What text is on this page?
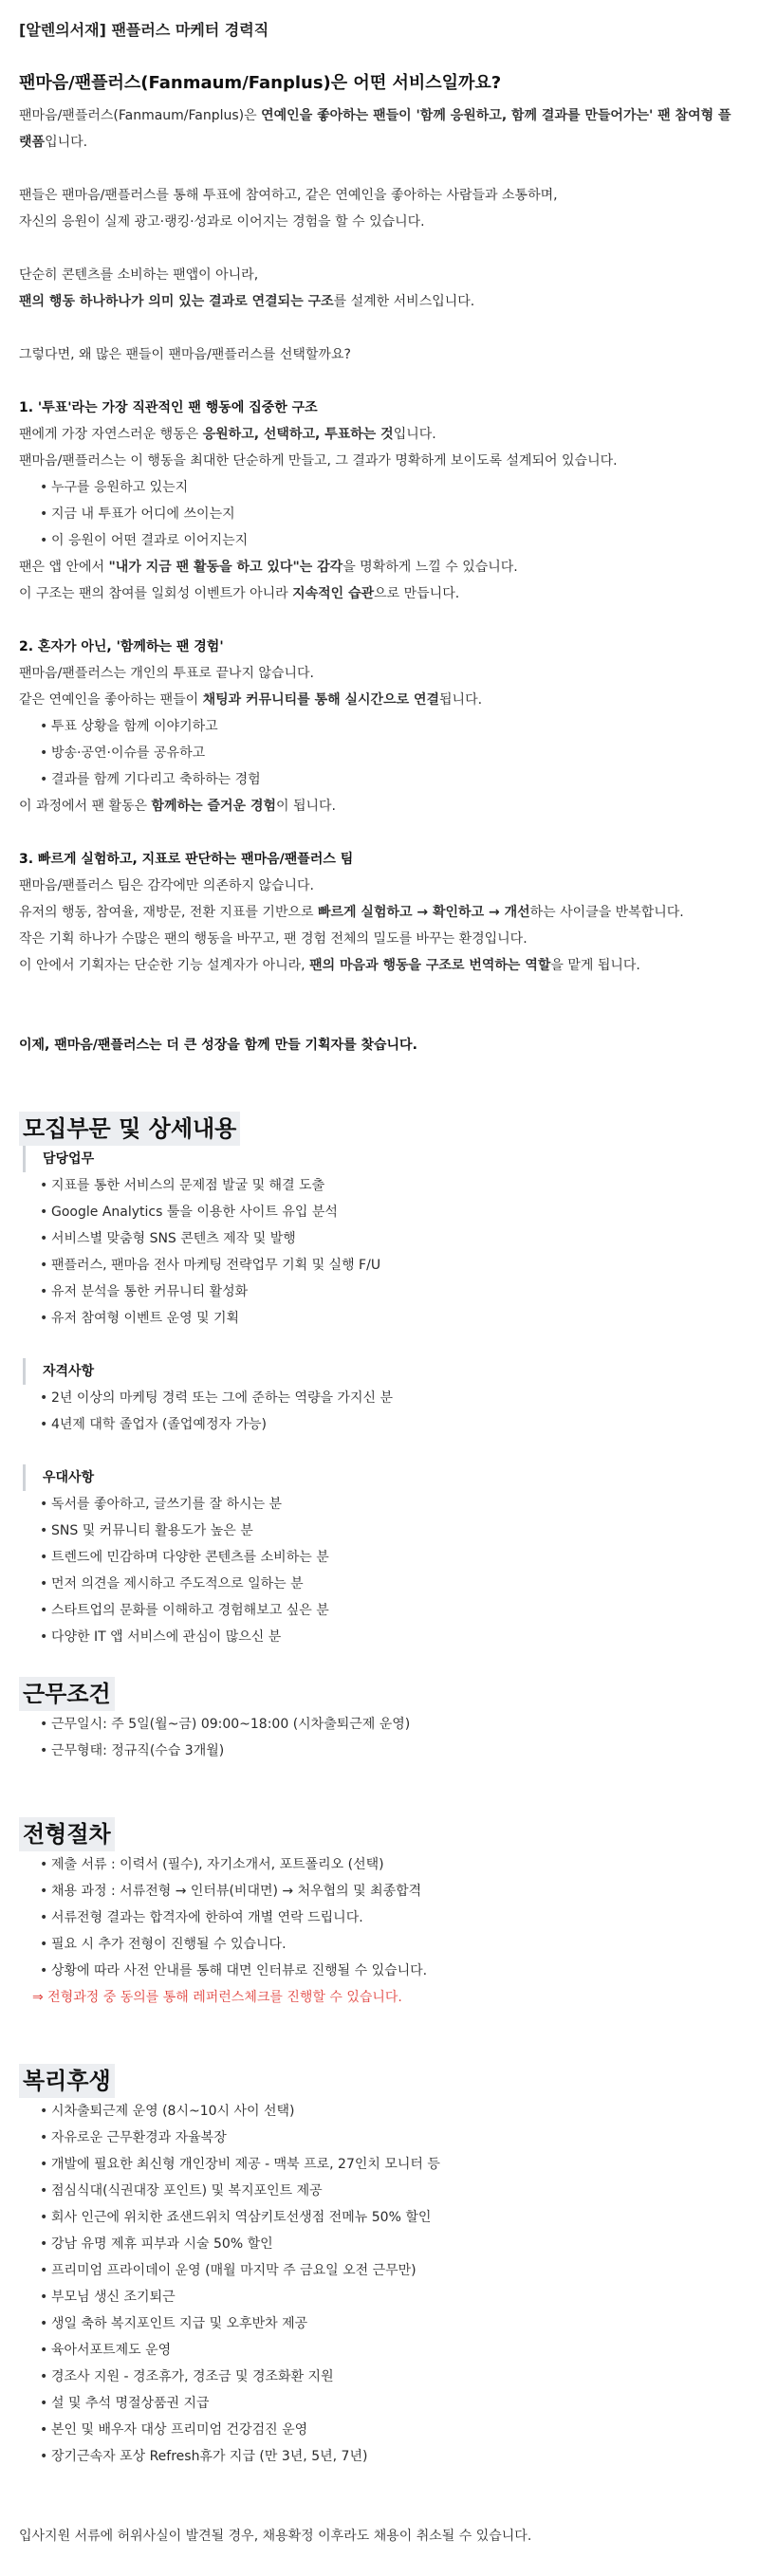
[알렌의서재] 팬플러스 마케터 경력직
팬마음/팬플러스(Fanmaum/Fanplus)은 어떤 서비스일까요?

팬마음/팬플러스(Fanmaum/Fanplus)은 연예인을 좋아하는 팬들이 '함께 응원하고, 함께 결과를 만들어가는' 팬 참여형 플랫폼입니다.

팬들은 팬마음/팬플러스를 통해 투표에 참여하고, 같은 연예인을 좋아하는 사람들과 소통하며,
자신의 응원이 실제 광고·랭킹·성과로 이어지는 경험을 할 수 있습니다.

단순히 콘텐츠를 소비하는 팬앱이 아니라,
팬의 행동 하나하나가 의미 있는 결과로 연결되는 구조를 설계한 서비스입니다.

그렇다면, 왜 많은 팬들이 팬마음/팬플러스를 선택할까요?

1. '투표'라는 가장 직관적인 팬 행동에 집중한 구조

팬에게 가장 자연스러운 행동은 응원하고, 선택하고, 투표하는 것입니다.

팬마음/팬플러스는 이 행동을 최대한 단순하게 만들고, 그 결과가 명확하게 보이도록 설계되어 있습니다.

• 누구를 응원하고 있는지
• 지금 내 투표가 어디에 쓰이는지
• 이 응원이 어떤 결과로 이어지는지

팬은 앱 안에서 "내가 지금 팬 활동을 하고 있다"는 감각을 명확하게 느낄 수 있습니다.

이 구조는 팬의 참여를 일회성 이벤트가 아니라 지속적인 습관으로 만듭니다.

2. 혼자가 아닌, '함께하는 팬 경험'

팬마음/팬플러스는 개인의 투표로 끝나지 않습니다.

같은 연예인을 좋아하는 팬들이 채팅과 커뮤니티를 통해 실시간으로 연결됩니다.

• 투표 상황을 함께 이야기하고
• 방송·공연·이슈를 공유하고
• 결과를 함께 기다리고 축하하는 경험

이 과정에서 팬 활동은 함께하는 즐거운 경험이 됩니다.

3. 빠르게 실험하고, 지표로 판단하는 팬마음/팬플러스 팀

팬마음/팬플러스 팀은 감각에만 의존하지 않습니다.

유저의 행동, 참여율, 재방문, 전환 지표를 기반으로 빠르게 실험하고 → 확인하고 → 개선하는 사이클을 반복합니다.

작은 기획 하나가 수많은 팬의 행동을 바꾸고, 팬 경험 전체의 밀도를 바꾸는 환경입니다.

이 안에서 기획자는 단순한 기능 설계자가 아니라, 팬의 마음과 행동을 구조로 번역하는 역할을 맡게 됩니다.

이제, 팬마음/팬플러스는 더 큰 성장을 함께 만들 기획자를 찾습니다.

모집부문 및 상세내용
담당업무
• 지표를 통한 서비스의 문제점 발굴 및 해결 도출
• Google Analytics 툴을 이용한 사이트 유입 분석
• 서비스별 맞춤형 SNS 콘텐츠 제작 및 발행
• 팬플러스, 팬마음 전사 마케팅 전략업무 기획 및 실행 F/U
• 유저 분석을 통한 커뮤니티 활성화
• 유저 참여형 이벤트 운영 및 기획
자격사항
• 2년 이상의 마케팅 경력 또는 그에 준하는 역량을 가지신 분
• 4년제 대학 졸업자 (졸업예정자 가능)
우대사항
• 독서를 좋아하고, 글쓰기를 잘 하시는 분
• SNS 및 커뮤니티 활용도가 높은 분
• 트렌드에 민감하며 다양한 콘텐츠를 소비하는 분
• 먼저 의견을 제시하고 주도적으로 일하는 분
• 스타트업의 문화를 이해하고 경험해보고 싶은 분
• 다양한 IT 앱 서비스에 관심이 많으신 분
근무조건
• 근무일시: 주 5일(월~금) 09:00~18:00 (시차출퇴근제 운영)
• 근무형태: 정규직(수습 3개월)
전형절차
• 제출 서류 : 이력서 (필수), 자기소개서, 포트폴리오 (선택)
• 채용 과정 : 서류전형 → 인터뷰(비대면) → 처우협의 및 최종합격
• 서류전형 결과는 합격자에 한하여 개별 연락 드립니다.
• 필요 시 추가 전형이 진행될 수 있습니다.
• 상황에 따라 사전 안내를 통해 대면 인터뷰로 진행될 수 있습니다.

⇒ 전형과정 중 동의를 통해 레퍼런스체크를 진행할 수 있습니다.

복리후생
• 시차출퇴근제 운영 (8시~10시 사이 선택)
• 자유로운 근무환경과 자율복장
• 개발에 필요한 최신형 개인장비 제공 - 맥북 프로, 27인치 모니터 등
• 점심식대(식권대장 포인트) 및 복지포인트 제공
• 회사 인근에 위치한 죠샌드위치 역삼키토선생점 전메뉴 50% 할인
• 강남 유명 제휴 피부과 시술 50% 할인
• 프리미엄 프라이데이 운영 (매월 마지막 주 금요일 오전 근무만)
• 부모님 생신 조기퇴근
• 생일 축하 복지포인트 지급 및 오후반차 제공
• 육아서포트제도 운영
• 경조사 지원 - 경조휴가, 경조금 및 경조화환 지원
• 설 및 추석 명절상품권 지급
• 본인 및 배우자 대상 프리미엄 건강검진 운영
• 장기근속자 포상 Refresh휴가 지급 (만 3년, 5년, 7년)

입사지원 서류에 허위사실이 발견될 경우, 채용확정 이후라도 채용이 취소될 수 있습니다.
